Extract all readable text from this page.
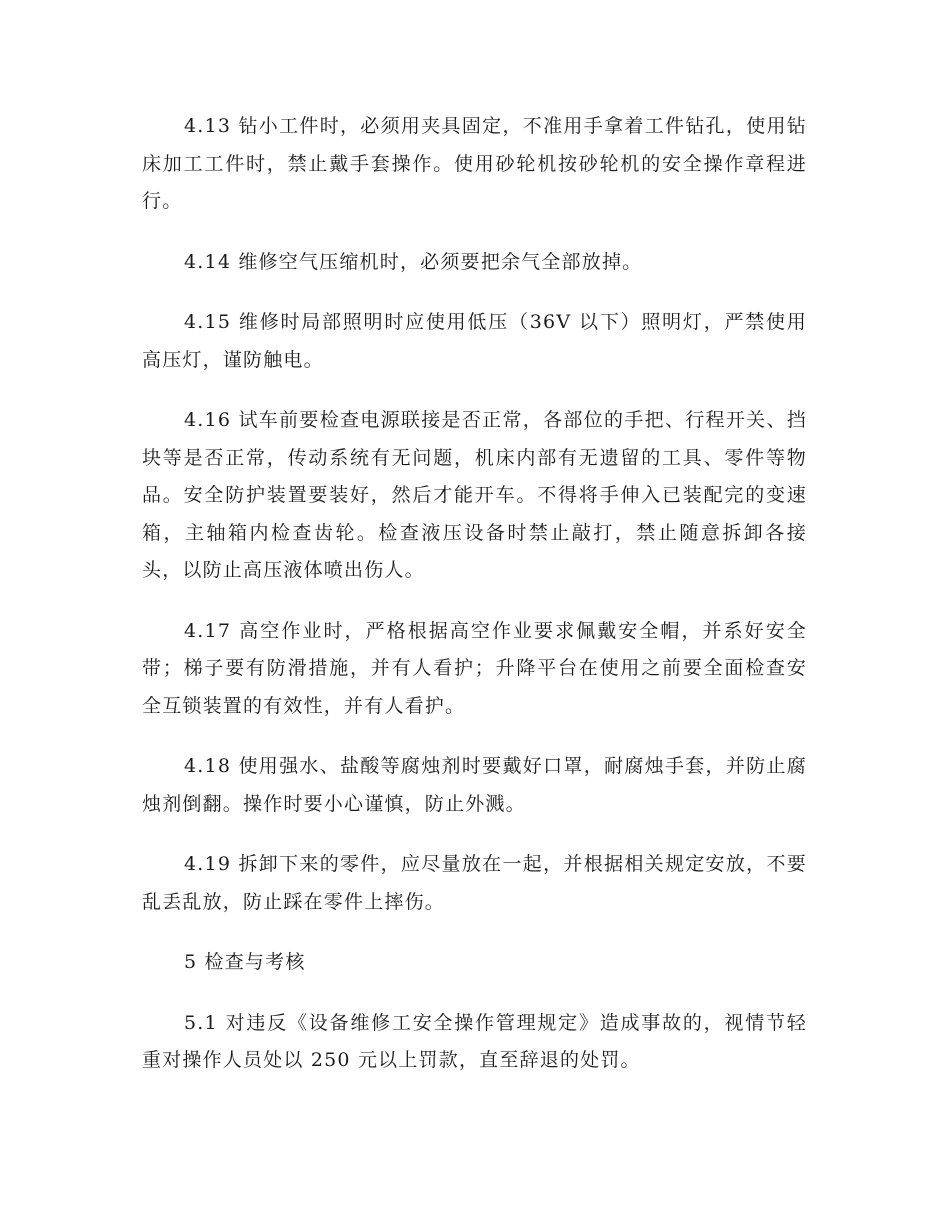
4.13 钻小工件时，必须用夹具固定，不准用手拿着工件钻孔，使用钻床加工工件时，禁止戴手套操作。使用砂轮机按砂轮机的安全操作章程进行。

4.14 维修空气压缩机时，必须要把余气全部放掉。

4.15 维修时局部照明时应使用低压（36V 以下）照明灯，严禁使用高压灯，谨防触电。

4.16 试车前要检查电源联接是否正常，各部位的手把、行程开关、挡块等是否正常，传动系统有无问题，机床内部有无遗留的工具、零件等物品。安全防护装置要装好，然后才能开车。不得将手伸入已装配完的变速箱，主轴箱内检查齿轮。检查液压设备时禁止敲打，禁止随意拆卸各接头，以防止高压液体喷出伤人。

4.17 高空作业时，严格根据高空作业要求佩戴安全帽，并系好安全带；梯子要有防滑措施，并有人看护；升降平台在使用之前要全面检查安全互锁装置的有效性，并有人看护。

4.18 使用强水、盐酸等腐烛剂时要戴好口罩，耐腐烛手套，并防止腐烛剂倒翻。操作时要小心谨慎，防止外溅。

4.19 拆卸下来的零件，应尽量放在一起，并根据相关规定安放，不要乱丢乱放，防止踩在零件上摔伤。

5 检查与考核

5.1 对违反《设备维修工安全操作管理规定》造成事故的，视情节轻重对操作人员处以 250 元以上罚款，直至辞退的处罚。
